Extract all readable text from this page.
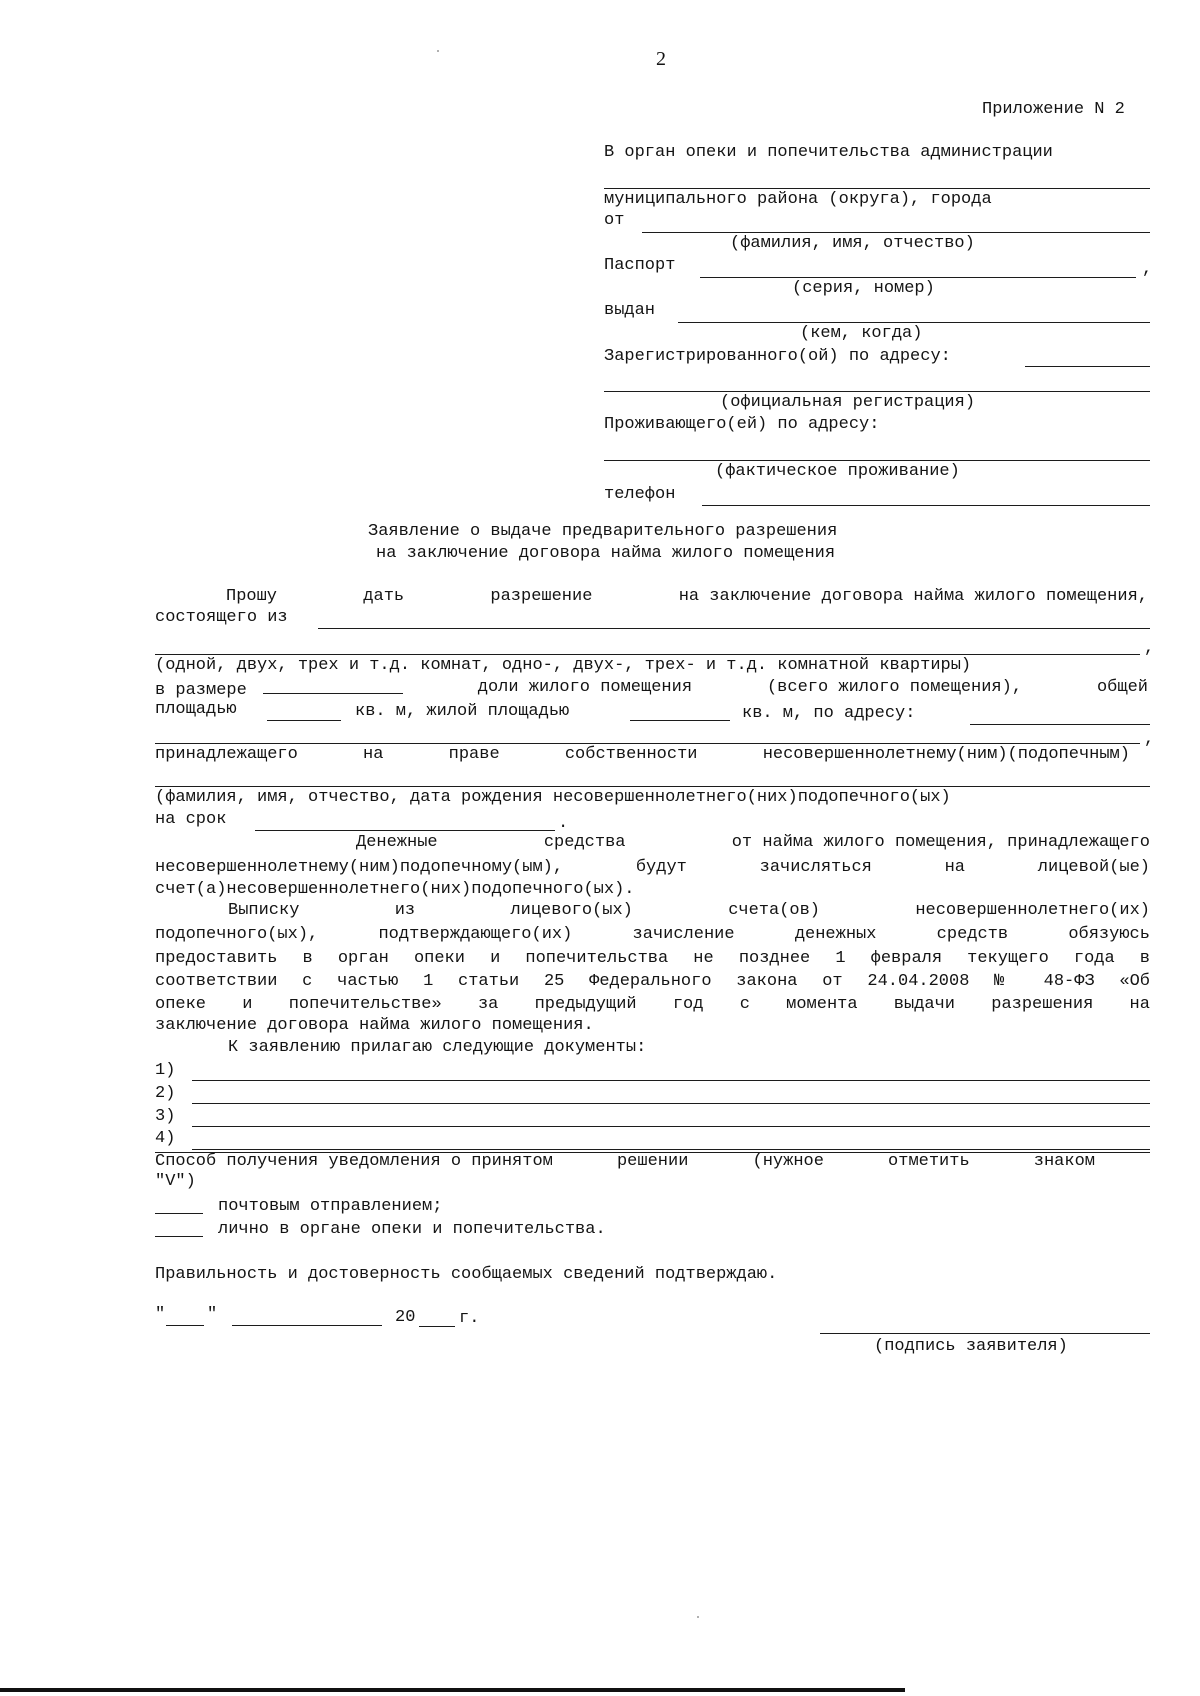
2
Приложение N 2
В орган опеки и попечительства администрации
муниципального района (округа), города
от
(фамилия, имя, отчество)
Паспорт	,
(серия, номер)
выдан
(кем, когда)
Зарегистрированного(ой) по адресу:
(официальная регистрация)
Проживающего(ей) по адресу:
(фактическое проживание)
телефон
Заявление о выдаче предварительного разрешения
на заключение договора найма жилого помещения
Прошу	дать	разрешение	на заключение договора найма жилого помещения,
состоящего из
,
(одной, двух, трех и т.д. комнат, одно-, двух-, трех- и т.д. комнатной квартиры)
в размере	доли жилого помещения	(всего жилого помещения),	общей
площадью	кв. м, жилой площадью	кв. м, по адресу:
,
принадлежащего	на	праве	собственности	несовершеннолетнему(ним)(подопечным)
(фамилия, имя, отчество, дата рождения несовершеннолетнего(них)подопечного(ых)
на срок	.
Денежные	средства	от найма жилого помещения, принадлежащего
несовершеннолетнему(ним)подопечному(ым),	будут	зачисляться	на	лицевой(ые)
счет(а)несовершеннолетнего(них)подопечного(ых).
Выписку	из	лицевого(ых)	счета(ов)	несовершеннолетнего(их)
подопечного(ых),	подтверждающего(их)	зачисление	денежных	средств	обязуюсь
предоставить в орган опеки и попечительства не позднее 1 февраля текущего года в
соответствии с частью 1 статьи 25 Федерального закона от 24.04.2008 № 48-ФЗ «Об
опеке и попечительстве» за предыдущий год с момента выдачи разрешения на
заключение договора найма жилого помещения.
К заявлению прилагаю следующие документы:
1)
2)
3)
4)
Способ получения уведомления о принятом	решении	(нужное	отметить	знаком
"V")
почтовым отправлением;
лично в органе опеки и попечительства.
Правильность и достоверность сообщаемых сведений подтверждаю.
" "	20	г.
(подпись заявителя)
